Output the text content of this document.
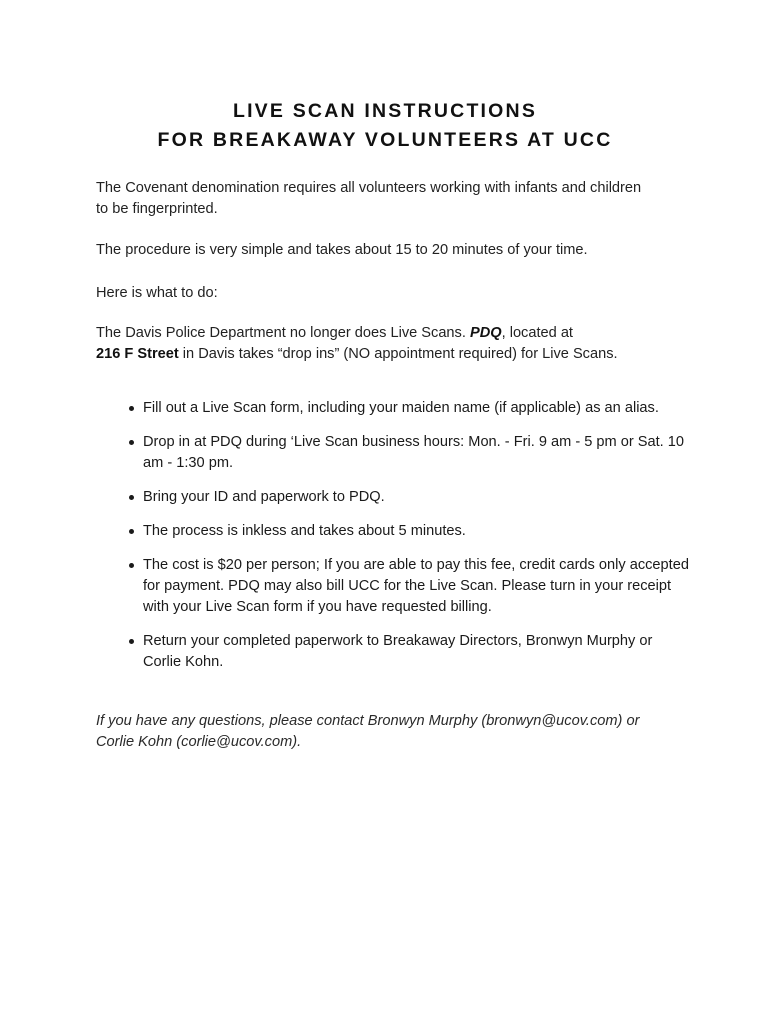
LIVE SCAN INSTRUCTIONS
FOR BREAKAWAY VOLUNTEERS AT UCC

The Covenant denomination requires all volunteers working with infants and children to be fingerprinted.

The procedure is very simple and takes about 15 to 20 minutes of your time.

Here is what to do:

The Davis Police Department no longer does Live Scans. PDQ, located at
216 F Street in Davis takes “drop ins” (NO appointment required) for Live Scans.

Fill out a Live Scan form, including your maiden name (if applicable) as an alias.
Drop in at PDQ during ‘Live Scan business hours: Mon. - Fri. 9 am - 5 pm or Sat. 10 am - 1:30 pm.
Bring your ID and paperwork to PDQ.
The process is inkless and takes about 5 minutes.
The cost is $20 per person; If you are able to pay this fee, credit cards only accepted for payment. PDQ may also bill UCC for the Live Scan. Please turn in your receipt with your Live Scan form if you have requested billing.
Return your completed paperwork to Breakaway Directors, Bronwyn Murphy or Corlie Kohn.

If you have any questions, please contact Bronwyn Murphy (bronwyn@ucov.com) or Corlie Kohn (corlie@ucov.com).
